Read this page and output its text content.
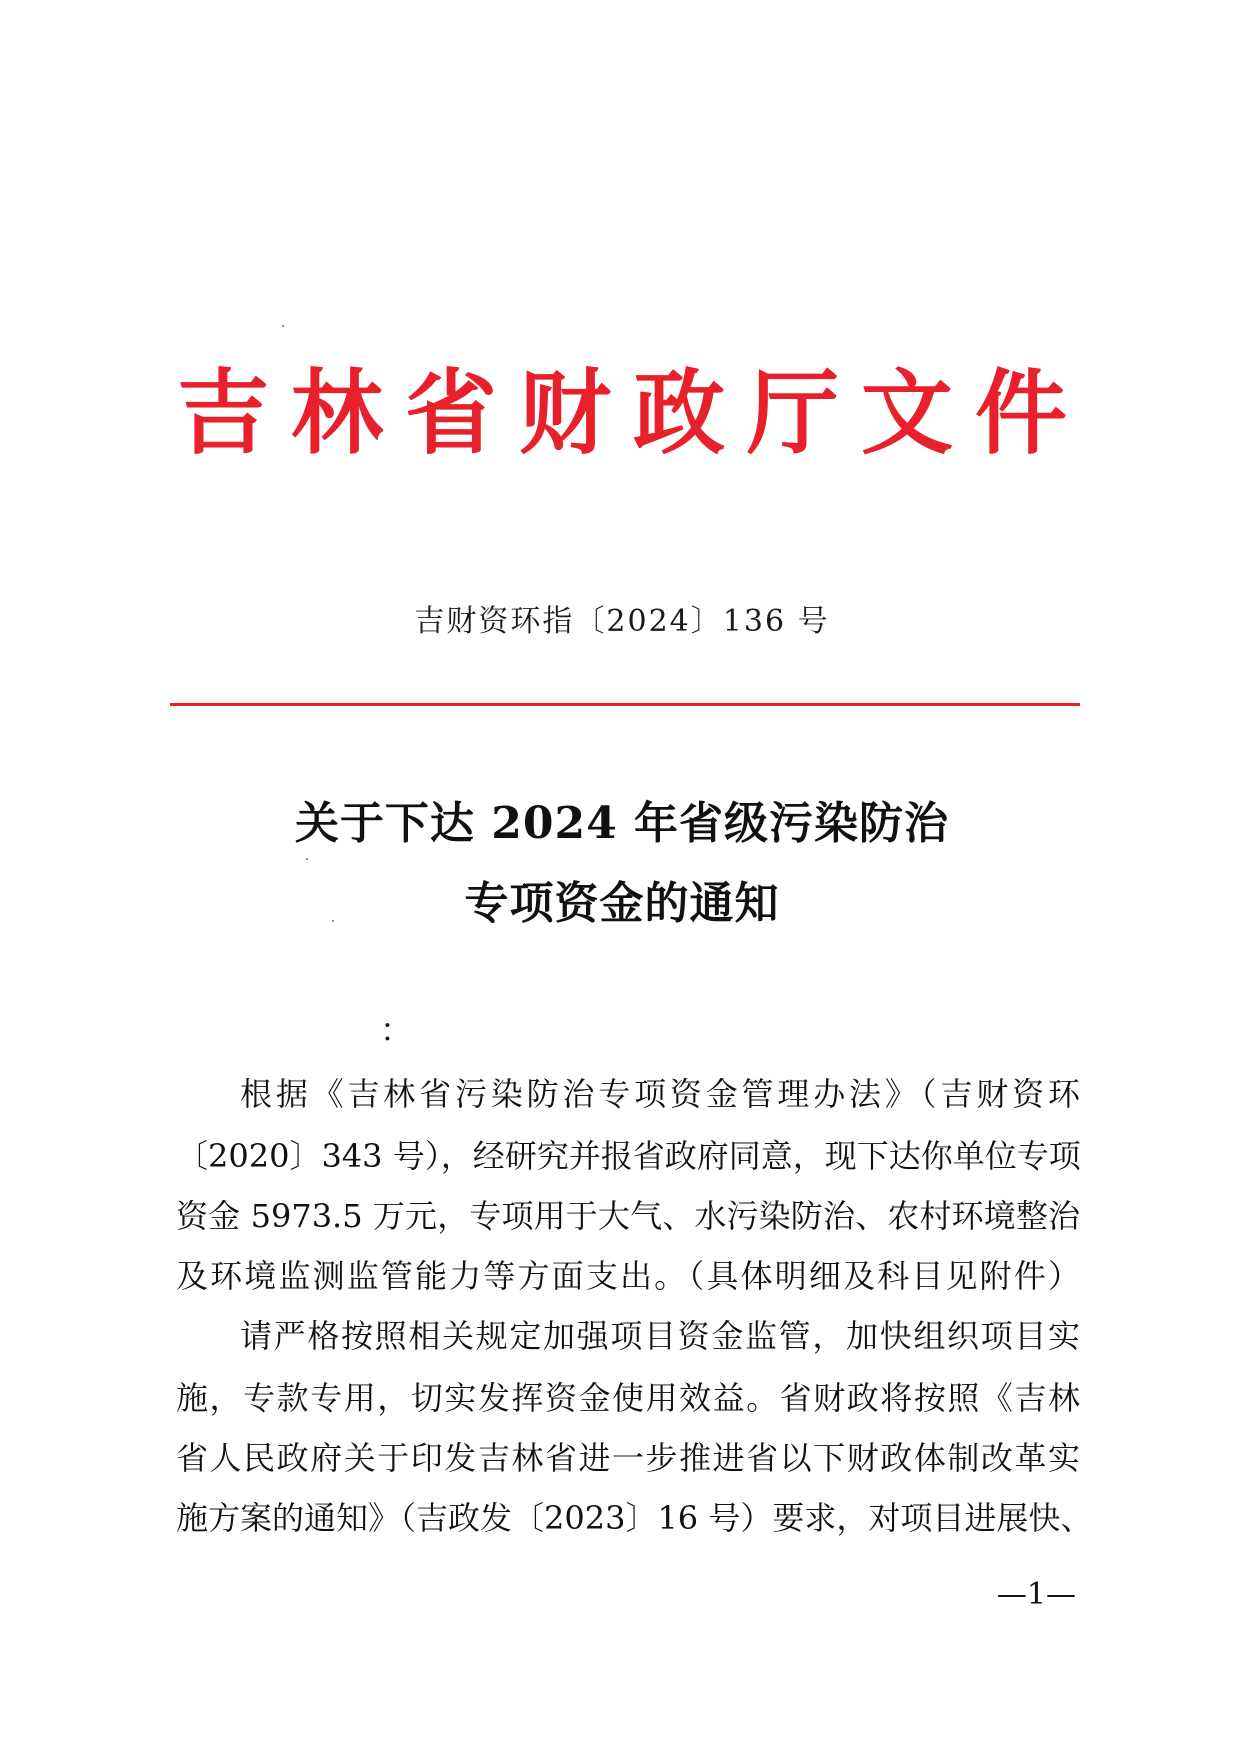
吉林省财政厅文件
吉财资环指〔2024〕136 号
关于下达 2024 年省级污染防治
专项资金的通知
：
根据《吉林省污染防治专项资金管理办法》（吉财资环
〔2020〕343 号），经研究并报省政府同意，现下达你单位专项
资金 5973.5 万元，专项用于大气、水污染防治、农村环境整治
及环境监测监管能力等方面支出。（具体明细及科目见附件）
请严格按照相关规定加强项目资金监管，加快组织项目实
施，专款专用，切实发挥资金使用效益。省财政将按照《吉林
省人民政府关于印发吉林省进一步推进省以下财政体制改革实
施方案的通知》（吉政发〔2023〕16 号）要求，对项目进展快、
—1—
